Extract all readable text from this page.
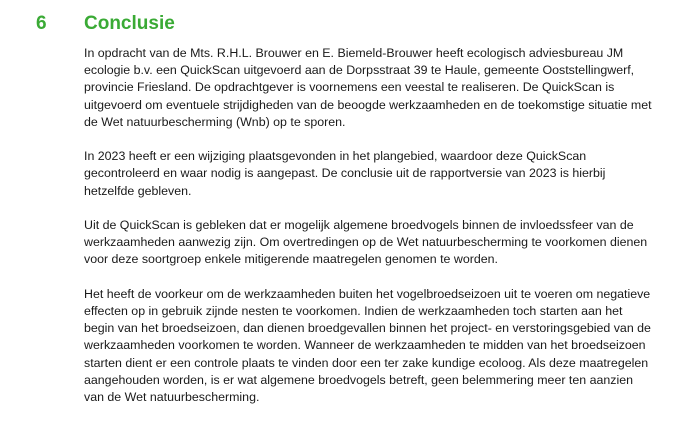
6	Conclusie

In opdracht van de Mts. R.H.L. Brouwer en E. Biemeld-Brouwer heeft ecologisch adviesbureau JM ecologie b.v. een QuickScan uitgevoerd aan de Dorpsstraat 39 te Haule, gemeente Ooststellingwerf, provincie Friesland. De opdrachtgever is voornemens een veestal te realiseren. De QuickScan is uitgevoerd om eventuele strijdigheden van de beoogde werkzaamheden en de toekomstige situatie met de Wet natuurbescherming (Wnb) op te sporen.

In 2023 heeft er een wijziging plaatsgevonden in het plangebied, waardoor deze QuickScan gecontroleerd en waar nodig is aangepast. De conclusie uit de rapportversie van 2023 is hierbij hetzelfde gebleven.

Uit de QuickScan is gebleken dat er mogelijk algemene broedvogels binnen de invloedssfeer van de werkzaamheden aanwezig zijn. Om overtredingen op de Wet natuurbescherming te voorkomen dienen voor deze soortgroep enkele mitigerende maatregelen genomen te worden.

Het heeft de voorkeur om de werkzaamheden buiten het vogelbroedseizoen uit te voeren om negatieve effecten op in gebruik zijnde nesten te voorkomen. Indien de werkzaamheden toch starten aan het begin van het broedseizoen, dan dienen broedgevallen binnen het project- en verstoringsgebied van de werkzaamheden voorkomen te worden. Wanneer de werkzaamheden te midden van het broedseizoen starten dient er een controle plaats te vinden door een ter zake kundige ecoloog. Als deze maatregelen aangehouden worden, is er wat algemene broedvogels betreft, geen belemmering meer ten aanzien van de Wet natuurbescherming.
